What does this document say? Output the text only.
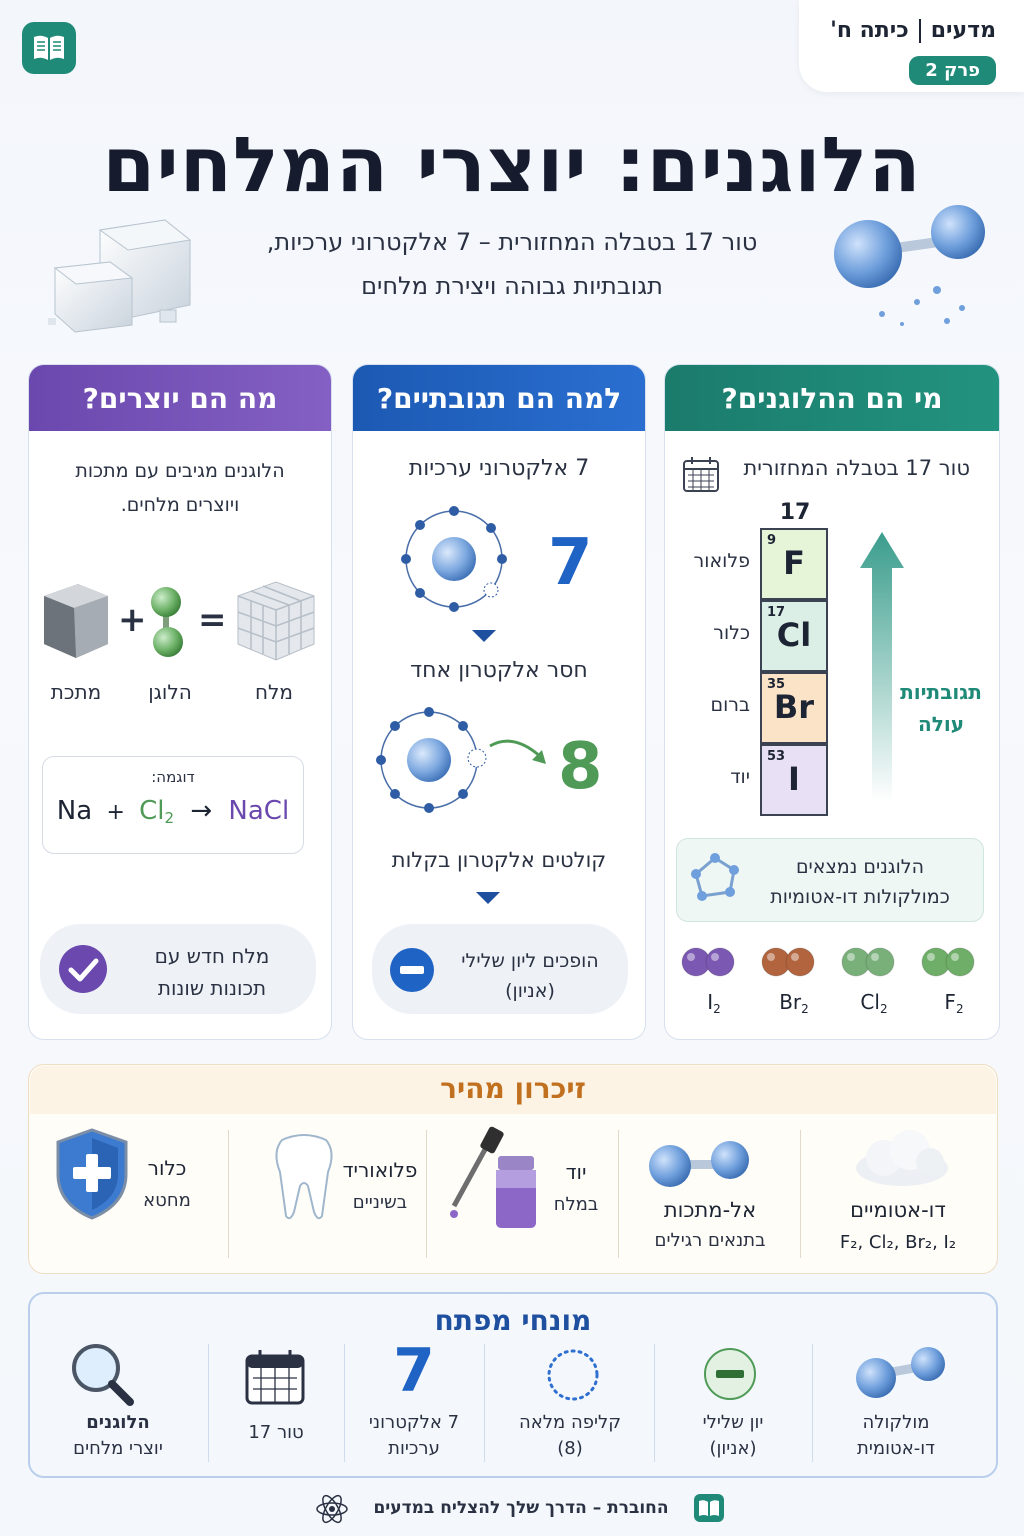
מדעים
כיתה ח'
פרק 2
הלוגנים: יוצרי המלחים
טור 17 בטבלה המחזורית – 7 אלקטרוני ערכיות,
תגובתיות גבוהה ויצירת מלחים
מי הם ההלוגנים?
טור 17 בטבלה המחזורית
17
9
F
17
Cl
35
Br
53
I
פלואור
כלור
ברום
יוד
תגובתיות
עולה
הלוגנים נמצאים
כמולקולות דו-אטומיות
$I_2$	$Br_2$	$Cl_2$	$F_2$
למה הם תגובתיים?
7 אלקטרוני ערכיות
7
חסר אלקטרון אחד
8
קולטים אלקטרון בקלות
הופכים ליון שלילי
(אניון)
מה הם יוצרים?
הלוגנים מגיבים עם מתכות
ויוצרים מלחים.
+ =
מתכת	הלוגן	מלח
דוגמה:
$Na + Cl_2$ → NaCl
מלח חדש עם
תכונות שונות
זיכרון מהיר
דו-אטומיים
F₂, Cl₂, Br₂, I₂
אל-מתכות
בתנאים רגילים
יוד
במלח
פלואוריד
בשיניים
כלור
מחטא
מונחי מפתח
מולקולה
דו-אטומית
יון שלילי
(אניון)
קליפה מלאה
(8)
7
7 אלקטרוני
ערכיות
טור 17
הלוגנים
יוצרי מלחים
החוברת – הדרך שלך להצליח במדעים
